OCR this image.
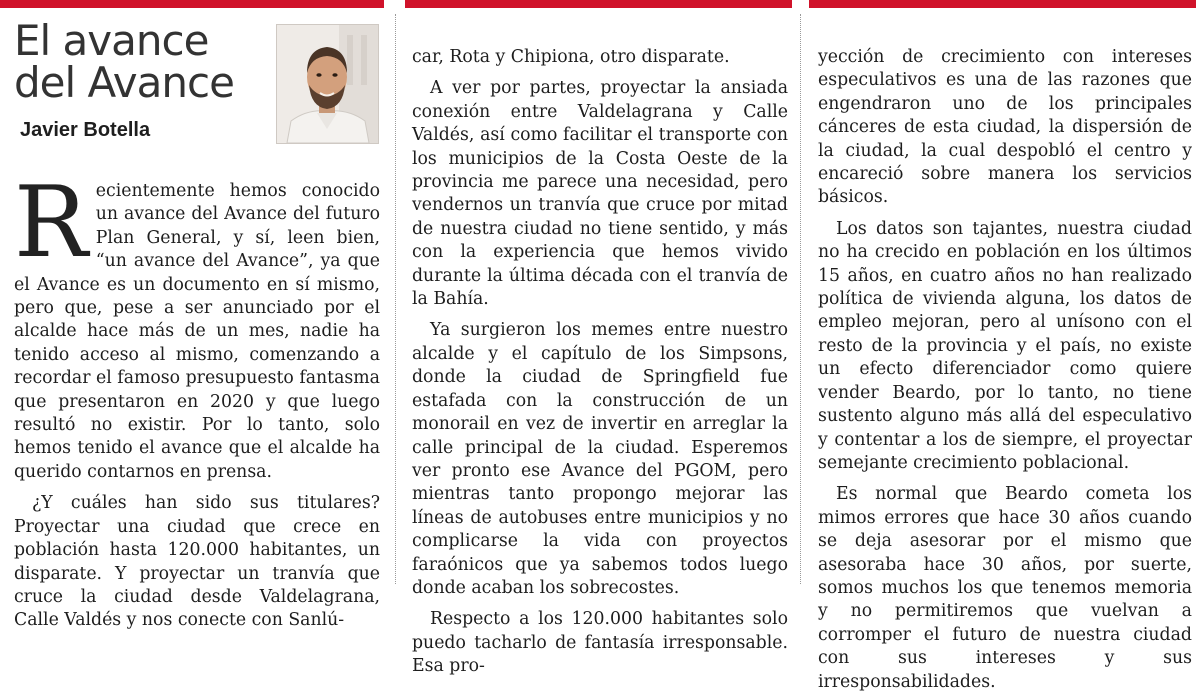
El avance
del Avance
Javier Botella

Recientemente hemos conocido un avance del Avance del futuro Plan General, y sí, leen bien, “un avance del Avance”, ya que el Avance es un documento en sí mismo, pero que, pese a ser anunciado por el alcalde hace más de un mes, nadie ha tenido acceso al mismo, comenzando a recordar el famoso presupuesto fantasma que presentaron en 2020 y que luego resultó no existir. Por lo tanto, solo hemos tenido el avance que el alcalde ha querido contarnos en prensa.

¿Y cuáles han sido sus titulares? Proyectar una ciudad que crece en población hasta 120.000 habitantes, un disparate. Y proyectar un tranvía que cruce la ciudad desde Valdelagrana, Calle Valdés y nos conecte con Sanlú-

car, Rota y Chipiona, otro disparate.

A ver por partes, proyectar la ansiada conexión entre Valdelagrana y Calle Valdés, así como facilitar el transporte con los municipios de la Costa Oeste de la provincia me parece una necesidad, pero vendernos un tranvía que cruce por mitad de nuestra ciudad no tiene sentido, y más con la experiencia que hemos vivido durante la última década con el tranvía de la Bahía.

Ya surgieron los memes entre nuestro alcalde y el capítulo de los Simpsons, donde la ciudad de Springfield fue estafada con la construcción de un monorail en vez de invertir en arreglar la calle principal de la ciudad. Esperemos ver pronto ese Avance del PGOM, pero mientras tanto propongo mejorar las líneas de autobuses entre municipios y no complicarse la vida con proyectos faraónicos que ya sabemos todos luego donde acaban los sobrecostes.

Respecto a los 120.000 habitantes solo puedo tacharlo de fantasía irresponsable. Esa pro-

yección de crecimiento con intereses especulativos es una de las razones que engendraron uno de los principales cánceres de esta ciudad, la dispersión de la ciudad, la cual despobló el centro y encareció sobre manera los servicios básicos.

Los datos son tajantes, nuestra ciudad no ha crecido en población en los últimos 15 años, en cuatro años no han realizado política de vivienda alguna, los datos de empleo mejoran, pero al unísono con el resto de la provincia y el país, no existe un efecto diferenciador como quiere vender Beardo, por lo tanto, no tiene sustento alguno más allá del especulativo y contentar a los de siempre, el proyectar semejante crecimiento poblacional.

Es normal que Beardo cometa los mimos errores que hace 30 años cuando se deja asesorar por el mismo que asesoraba hace 30 años, por suerte, somos muchos los que tenemos memoria y no permitiremos que vuelvan a corromper el futuro de nuestra ciudad con sus intereses y sus irresponsabilidades.
